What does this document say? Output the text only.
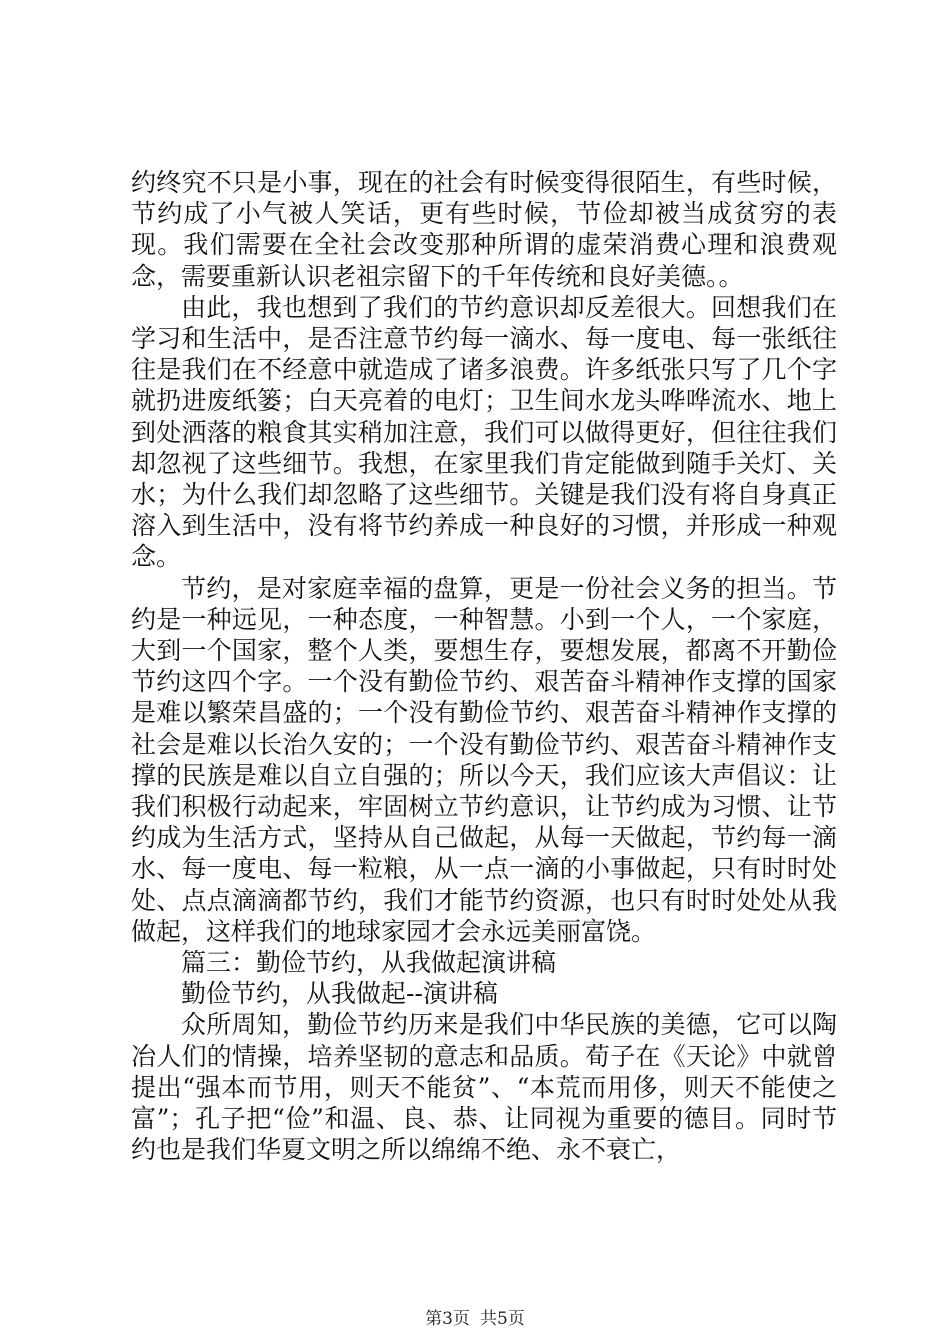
约终究不只是小事，现在的社会有时候变得很陌生，有些时候，节约成了小气被人笑话，更有些时候，节俭却被当成贫穷的表现。我们需要在全社会改变那种所谓的虚荣消费心理和浪费观念，需要重新认识老祖宗留下的千年传统和良好美德。。

由此，我也想到了我们的节约意识却反差很大。回想我们在学习和生活中，是否注意节约每一滴水、每一度电、每一张纸往往是我们在不经意中就造成了诸多浪费。许多纸张只写了几个字就扔进废纸篓；白天亮着的电灯；卫生间水龙头哗哗流水、地上到处洒落的粮食其实稍加注意，我们可以做得更好，但往往我们却忽视了这些细节。我想，在家里我们肯定能做到随手关灯、关水；为什么我们却忽略了这些细节。关键是我们没有将自身真正溶入到生活中，没有将节约养成一种良好的习惯，并形成一种观念。

节约，是对家庭幸福的盘算，更是一份社会义务的担当。节约是一种远见，一种态度，一种智慧。小到一个人，一个家庭，大到一个国家，整个人类，要想生存，要想发展，都离不开勤俭节约这四个字。一个没有勤俭节约、艰苦奋斗精神作支撑的国家是难以繁荣昌盛的；一个没有勤俭节约、艰苦奋斗精神作支撑的社会是难以长治久安的；一个没有勤俭节约、艰苦奋斗精神作支撑的民族是难以自立自强的；所以今天，我们应该大声倡议：让我们积极行动起来，牢固树立节约意识，让节约成为习惯、让节约成为生活方式，坚持从自己做起，从每一天做起，节约每一滴水、每一度电、每一粒粮，从一点一滴的小事做起，只有时时处处、点点滴滴都节约，我们才能节约资源，也只有时时处处从我做起，这样我们的地球家园才会永远美丽富饶。

篇三：勤俭节约，从我做起演讲稿

勤俭节约，从我做起--演讲稿

众所周知，勤俭节约历来是我们中华民族的美德，它可以陶冶人们的情操，培养坚韧的意志和品质。荀子在《天论》中就曾提出“强本而节用，则天不能贫”、“本荒而用侈，则天不能使之富”；孔子把“俭”和温、良、恭、让同视为重要的德目。同时节约也是我们华夏文明之所以绵绵不绝、永不衰亡，

第3页 共5页
